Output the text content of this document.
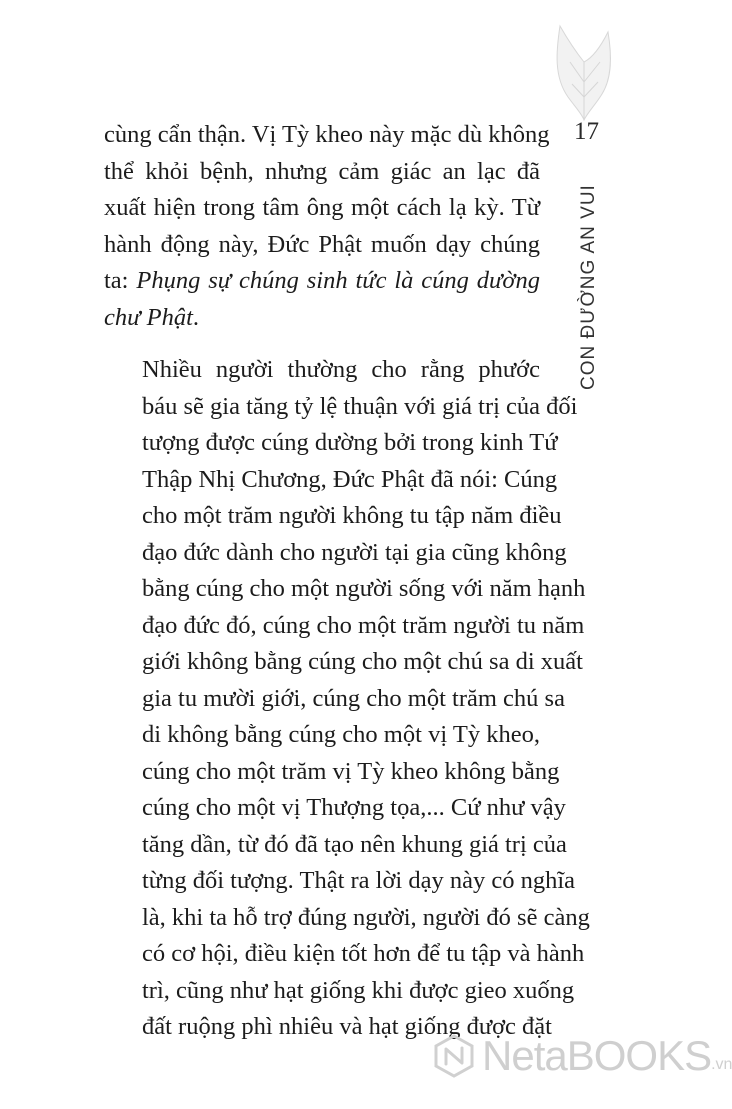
17
CON ĐƯỜNG AN VUI

cùng cẩn thận. Vị Tỳ kheo này mặc dù không
thể khỏi bệnh, nhưng cảm giác an lạc đã
xuất hiện trong tâm ông một cách lạ kỳ. Từ
hành động này, Đức Phật muốn dạy chúng
ta: Phụng sự chúng sinh tức là cúng dường
chư Phật.

Nhiều người thường cho rằng phước
báu sẽ gia tăng tỷ lệ thuận với giá trị của đối
tượng được cúng dường bởi trong kinh Tứ
Thập Nhị Chương, Đức Phật đã nói: Cúng
cho một trăm người không tu tập năm điều
đạo đức dành cho người tại gia cũng không
bằng cúng cho một người sống với năm hạnh
đạo đức đó, cúng cho một trăm người tu năm
giới không bằng cúng cho một chú sa di xuất
gia tu mười giới, cúng cho một trăm chú sa
di không bằng cúng cho một vị Tỳ kheo,
cúng cho một trăm vị Tỳ kheo không bằng
cúng cho một vị Thượng tọa,... Cứ như vậy
tăng dần, từ đó đã tạo nên khung giá trị của
từng đối tượng. Thật ra lời dạy này có nghĩa
là, khi ta hỗ trợ đúng người, người đó sẽ càng
có cơ hội, điều kiện tốt hơn để tu tập và hành
trì, cũng như hạt giống khi được gieo xuống
đất ruộng phì nhiêu và hạt giống được đặt

NetaBOOKS .vn
